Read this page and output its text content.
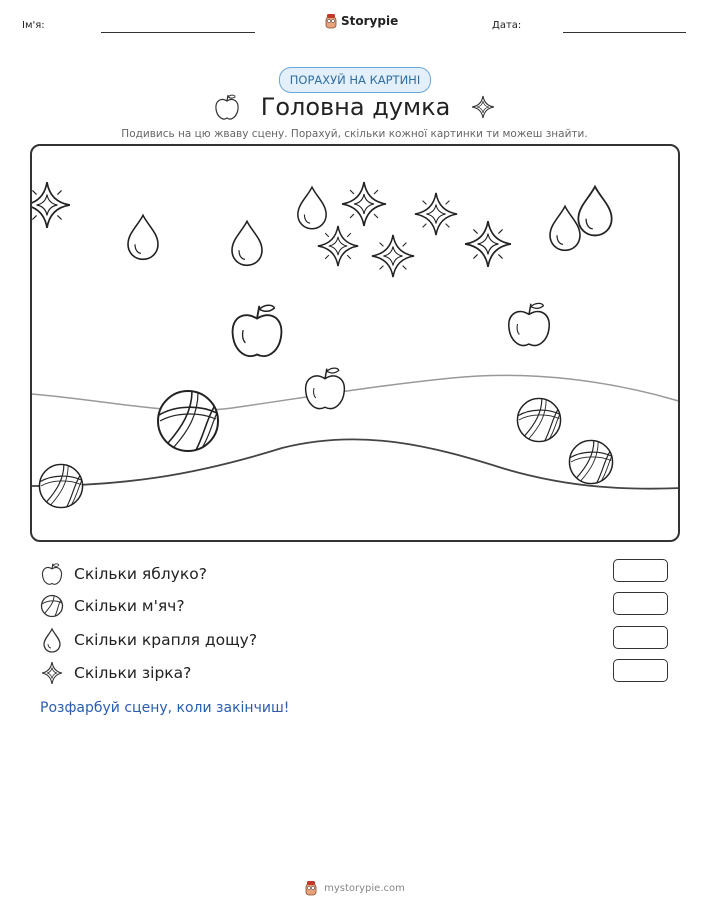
Ім'я:	Storypie	Дата:
ПОРАХУЙ НА КАРТИНІ
Головна думка
Подивись на цю жваву сцену. Порахуй, скільки кожної картинки ти можеш знайти.
Скільки яблуко?
Скільки м'яч?
Скільки крапля дощу?
Скільки зірка?
Розфарбуй сцену, коли закінчиш!
mystorypie.com
